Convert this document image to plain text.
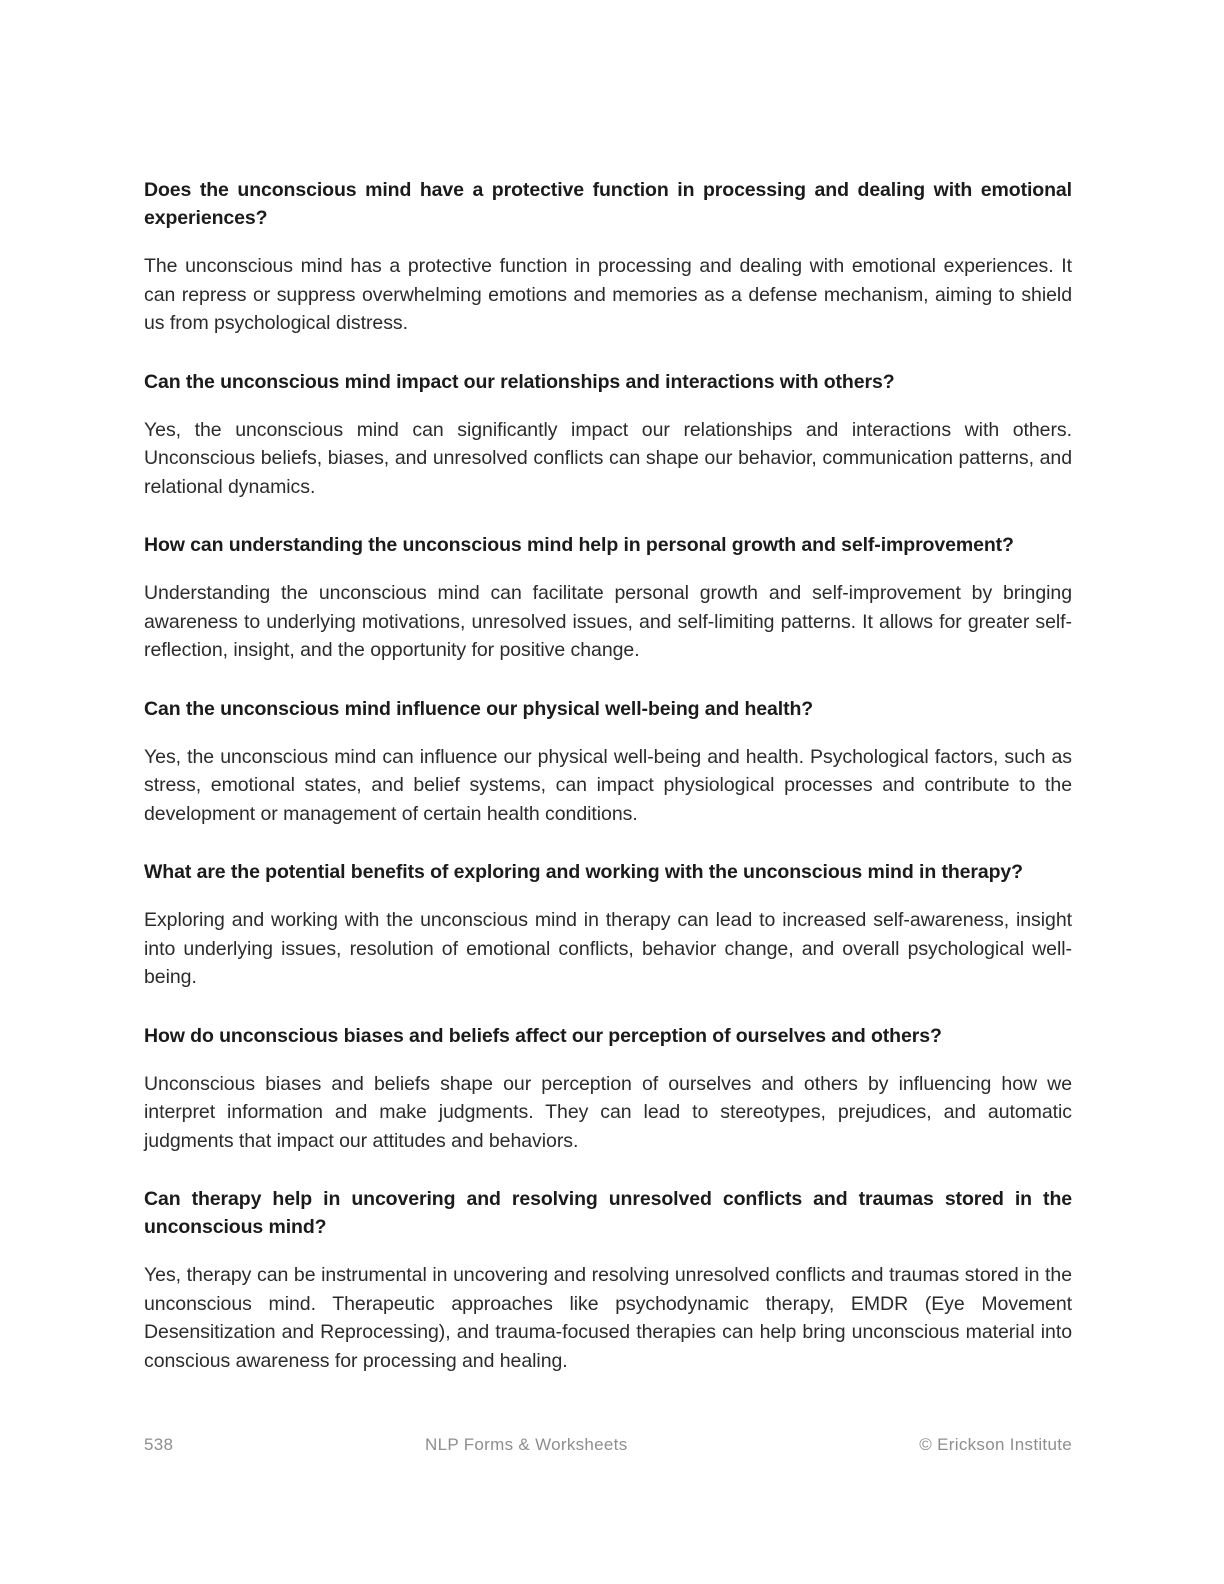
Does the unconscious mind have a protective function in processing and dealing with emotional experiences?

The unconscious mind has a protective function in processing and dealing with emotional experiences. It can repress or suppress overwhelming emotions and memories as a defense mechanism, aiming to shield us from psychological distress.

Can the unconscious mind impact our relationships and interactions with others?

Yes, the unconscious mind can significantly impact our relationships and interactions with others. Unconscious beliefs, biases, and unresolved conflicts can shape our behavior, communication patterns, and relational dynamics.

How can understanding the unconscious mind help in personal growth and self-improvement?

Understanding the unconscious mind can facilitate personal growth and self-improvement by bringing awareness to underlying motivations, unresolved issues, and self-limiting patterns. It allows for greater self-reflection, insight, and the opportunity for positive change.

Can the unconscious mind influence our physical well-being and health?

Yes, the unconscious mind can influence our physical well-being and health. Psychological factors, such as stress, emotional states, and belief systems, can impact physiological processes and contribute to the development or management of certain health conditions.

What are the potential benefits of exploring and working with the unconscious mind in therapy?

Exploring and working with the unconscious mind in therapy can lead to increased self-awareness, insight into underlying issues, resolution of emotional conflicts, behavior change, and overall psychological well-being.

How do unconscious biases and beliefs affect our perception of ourselves and others?

Unconscious biases and beliefs shape our perception of ourselves and others by influencing how we interpret information and make judgments. They can lead to stereotypes, prejudices, and automatic judgments that impact our attitudes and behaviors.

Can therapy help in uncovering and resolving unresolved conflicts and traumas stored in the unconscious mind?

Yes, therapy can be instrumental in uncovering and resolving unresolved conflicts and traumas stored in the unconscious mind. Therapeutic approaches like psychodynamic therapy, EMDR (Eye Movement Desensitization and Reprocessing), and trauma-focused therapies can help bring unconscious material into conscious awareness for processing and healing.

538	NLP Forms & Worksheets	© Erickson Institute
